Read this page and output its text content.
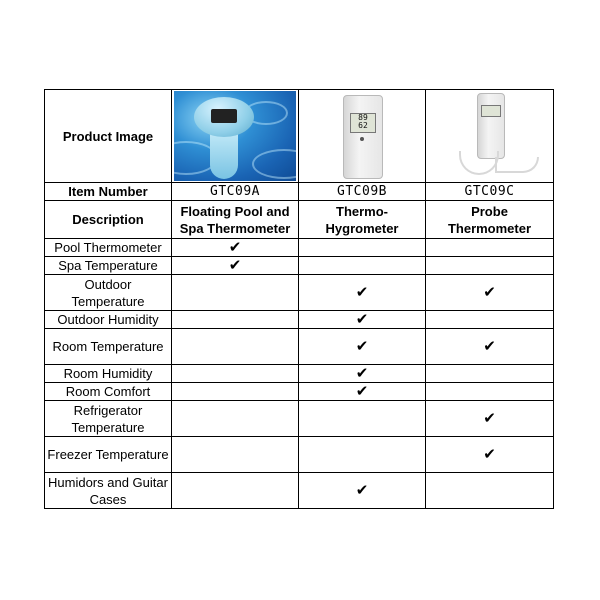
Product Image		89
62	

Item Number	GTC09A	GTC09B	GTC09C
Description	Floating Pool and Spa Thermometer	Thermo-Hygrometer	Probe Thermometer
Pool Thermometer	✔		
Spa Temperature	✔		
Outdoor Temperature		✔	✔
Outdoor Humidity		✔	
Room Temperature		✔	✔
Room Humidity		✔	
Room Comfort		✔	
Refrigerator Temperature			✔
Freezer Temperature			✔
Humidors and Guitar Cases		✔	
